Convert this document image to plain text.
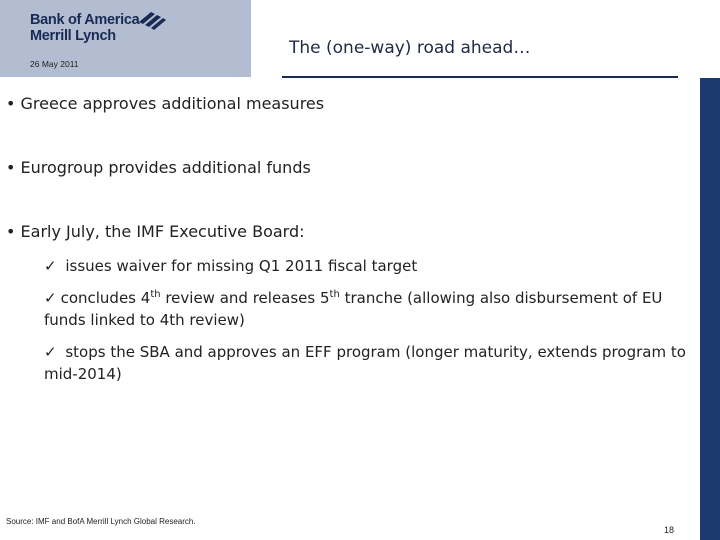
Bank of America
Merrill Lynch
26 May 2011
The (one-way) road ahead…
• Greece approves additional measures
• Eurogroup provides additional funds
• Early July, the IMF Executive Board:
✓ issues waiver for missing Q1 2011 fiscal target
✓ concludes 4th review and releases 5th tranche (allowing also disbursement of EU funds linked to 4th review)
✓ stops the SBA and approves an EFF program (longer maturity, extends program to mid-2014)
Source: IMF and BofA Merrill Lynch Global Research.
18
